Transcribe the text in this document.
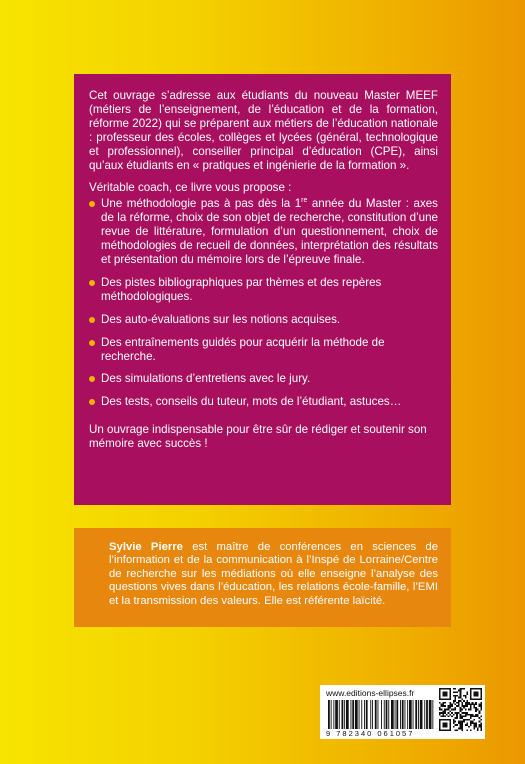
Cet ouvrage s’adresse aux étudiants du nouveau Master MEEF (métiers de l’enseignement, de l’éducation et de la formation, réforme 2022) qui se préparent aux métiers de l’éducation nationale : professeur des écoles, collèges et lycées (général, technologique et professionnel), conseiller principal d’éducation (CPE), ainsi qu’aux étudiants en « pratiques et ingénierie de la formation ».

Véritable coach, ce livre vous propose :

Une méthodologie pas à pas dès la 1re année du Master : axes de la réforme, choix de son objet de recherche, constitution d’une revue de littérature, formulation d’un questionnement, choix de méthodologies de recueil de données, interprétation des résultats et présentation du mémoire lors de l’épreuve finale.
Des pistes bibliographiques par thèmes et des repères méthodologiques.
Des auto-évaluations sur les notions acquises.
Des entraînements guidés pour acquérir la méthode de recherche.
Des simulations d’entretiens avec le jury.
Des tests, conseils du tuteur, mots de l’étudiant, astuces…

Un ouvrage indispensable pour être sûr de rédiger et soutenir son mémoire avec succès !

Sylvie Pierre est maître de conférences en sciences de l’information et de la communication à l’Inspé de Lorraine/Centre de recherche sur les médiations où elle enseigne l’analyse des questions vives dans l’éducation, les relations école-famille, l’EMI et la transmission des valeurs. Elle est référente laïcité.
www.editions-ellipses.fr
9 782340 061057
